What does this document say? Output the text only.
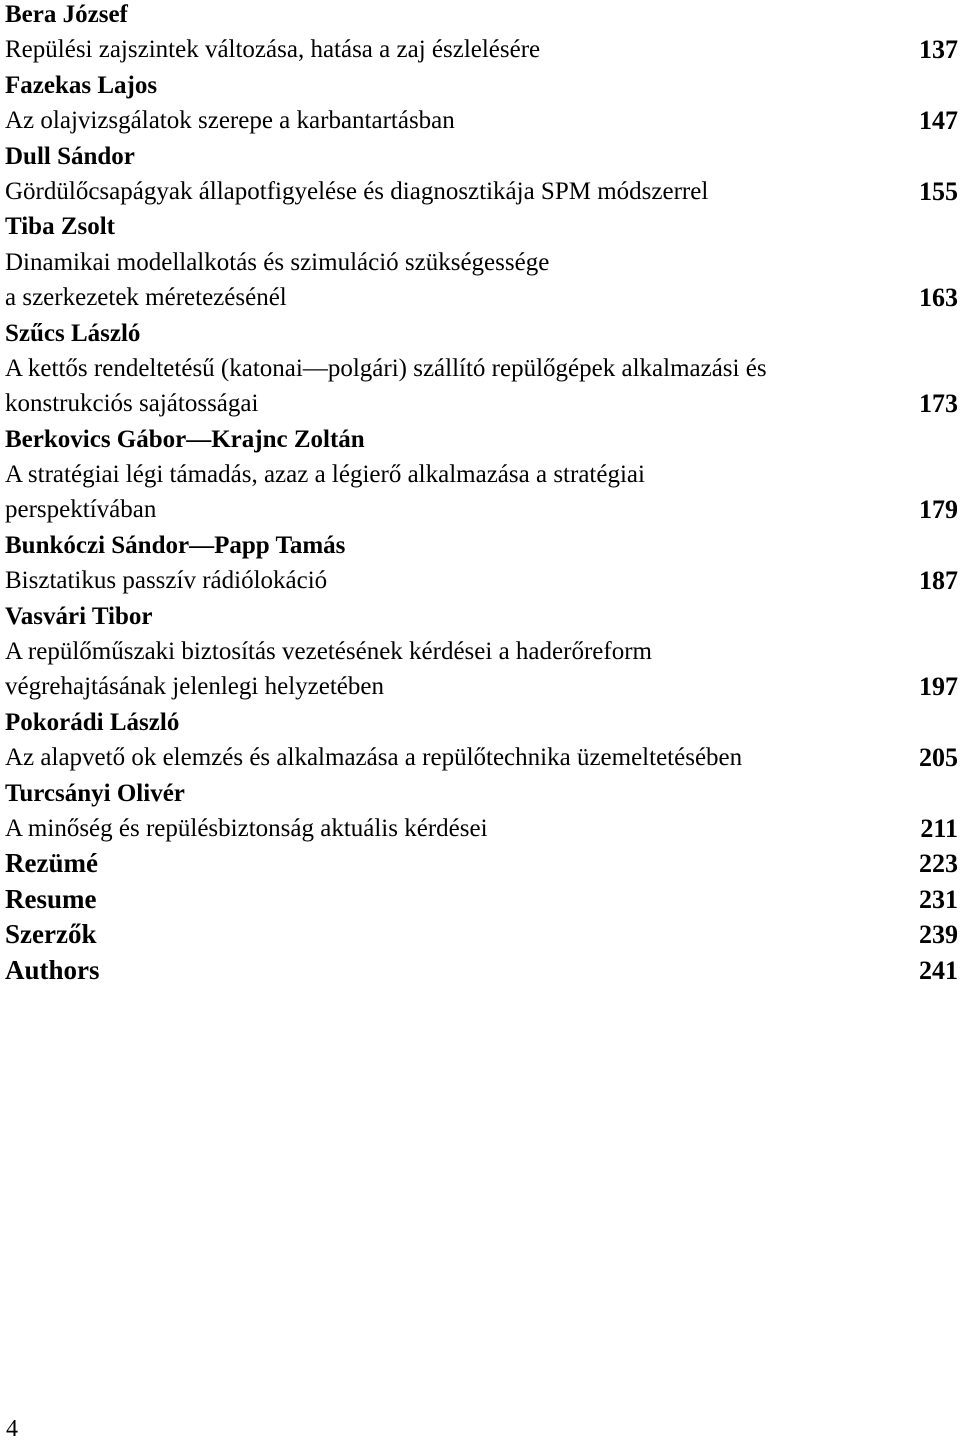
Bera József
Repülési zajszintek változása, hatása a zaj észlelésére	137
Fazekas Lajos
Az olajvizsgálatok szerepe a karbantartásban	147
Dull Sándor
Gördülőcsapágyak állapotfigyelése és diagnosztikája SPM módszerrel	155
Tiba Zsolt
Dinamikai modellalkotás és szimuláció szükségessége
a szerkezetek méretezésénél	163
Szűcs László
A kettős rendeltetésű (katonai—polgári) szállító repülőgépek alkalmazási és
konstrukciós sajátosságai	173
Berkovics Gábor—Krajnc Zoltán
A stratégiai légi támadás, azaz a légierő alkalmazása a stratégiai
perspektívában	179
Bunkóczi Sándor—Papp Tamás
Bisztatikus passzív rádiólokáció	187
Vasvári Tibor
A repülőműszaki biztosítás vezetésének kérdései a haderőreform
végrehajtásának jelenlegi helyzetében	197
Pokorádi László
Az alapvető ok elemzés és alkalmazása a repülőtechnika üzemeltetésében	205
Turcsányi Olivér
A minőség és repülésbiztonság aktuális kérdései	211
Rezümé	223
Resume	231
Szerzők	239
Authors	241
4
